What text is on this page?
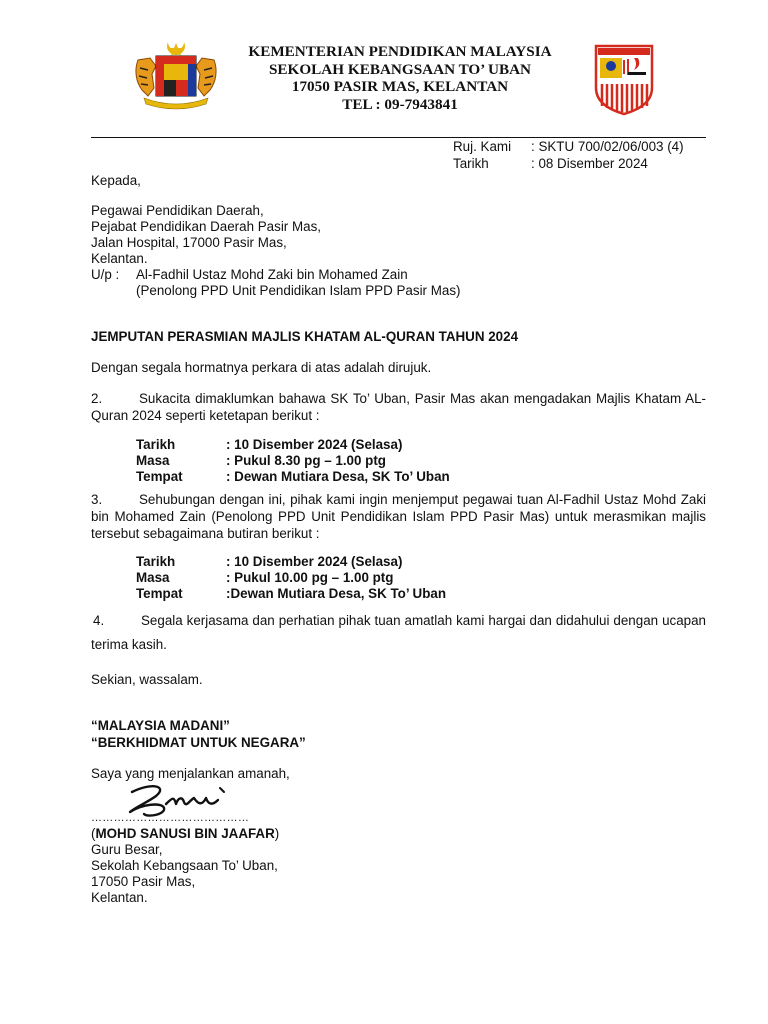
KEMENTERIAN PENDIDIKAN MALAYSIA
SEKOLAH KEBANGSAAN TO’ UBAN
17050 PASIR MAS, KELANTAN
TEL : 09-7943841
Ruj. Kami : SKTU 700/02/06/003 (4)
Tarikh	: 08 Disember 2024
Kepada,
Pegawai Pendidikan Daerah,
Pejabat Pendidikan Daerah Pasir Mas,
Jalan Hospital, 17000 Pasir Mas,
Kelantan.
U/p : Al-Fadhil Ustaz Mohd Zaki bin Mohamed Zain
(Penolong PPD Unit Pendidikan Islam PPD Pasir Mas)
JEMPUTAN PERASMIAN MAJLIS KHATAM AL-QURAN TAHUN 2024
Dengan segala hormatnya perkara di atas adalah dirujuk.

2.	Sukacita dimaklumkan bahawa SK To’ Uban, Pasir Mas akan mengadakan Majlis Khatam AL-Quran 2024 seperti ketetapan berikut :

Tarikh	: 10 Disember 2024 (Selasa)
Masa	: Pukul 8.30 pg – 1.00 ptg
Tempat	: Dewan Mutiara Desa, SK To’ Uban

3.	Sehubungan dengan ini, pihak kami ingin menjemput pegawai tuan Al-Fadhil Ustaz Mohd Zaki bin Mohamed Zain (Penolong PPD Unit Pendidikan Islam PPD Pasir Mas) untuk merasmikan majlis tersebut sebagaimana butiran berikut :

Tarikh	: 10 Disember 2024 (Selasa)
Masa	: Pukul 10.00 pg – 1.00 ptg
Tempat	:Dewan Mutiara Desa, SK To’ Uban

4.	Segala kerjasama dan perhatian pihak tuan amatlah kami hargai dan didahului dengan ucapan terima kasih.

Sekian, wassalam.
“MALAYSIA MADANI”
“BERKHIDMAT UNTUK NEGARA”
Saya yang menjalankan amanah,
……………………………………
(MOHD SANUSI BIN JAAFAR)
Guru Besar,
Sekolah Kebangsaan To’ Uban,
17050 Pasir Mas,
Kelantan.
